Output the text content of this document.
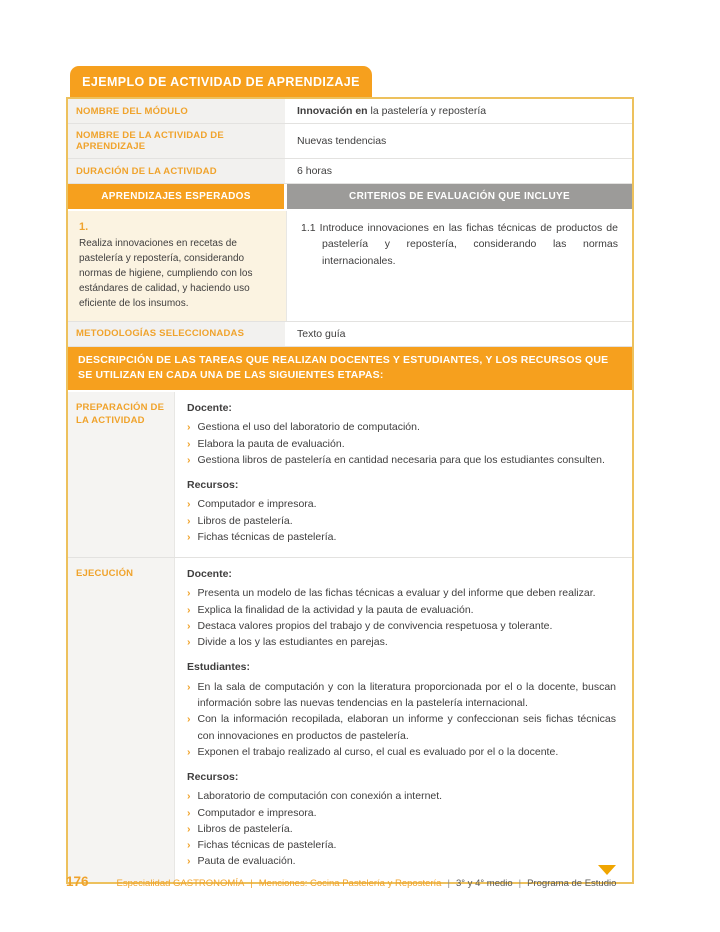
EJEMPLO DE ACTIVIDAD DE APRENDIZAJE
NOMBRE DEL MÓDULO	Innovación en la pastelería y repostería
NOMBRE DE LA ACTIVIDAD DE APRENDIZAJE	Nuevas tendencias
DURACIÓN DE LA ACTIVIDAD	6 horas
APRENDIZAJES ESPERADOS	CRITERIOS DE EVALUACIÓN QUE INCLUYE
1.
Realiza innovaciones en recetas de pastelería y repostería, considerando normas de higiene, cumpliendo con los estándares de calidad, y haciendo uso eficiente de los insumos.
1.1 Introduce innovaciones en las fichas técnicas de productos de pastelería y repostería, considerando las normas internacionales.
METODOLOGÍAS SELECCIONADAS	Texto guía
DESCRIPCIÓN DE LAS TAREAS QUE REALIZAN DOCENTES Y ESTUDIANTES, Y LOS RECURSOS QUE SE UTILIZAN EN CADA UNA DE LAS SIGUIENTES ETAPAS:
PREPARACIÓN DE LA ACTIVIDAD
Docente:
› Gestiona el uso del laboratorio de computación.
› Elabora la pauta de evaluación.
› Gestiona libros de pastelería en cantidad necesaria para que los estudiantes consulten.
Recursos:
› Computador e impresora.
› Libros de pastelería.
› Fichas técnicas de pastelería.
EJECUCIÓN	Docente:
› Presenta un modelo de las fichas técnicas a evaluar y del informe que deben realizar.
› Explica la finalidad de la actividad y la pauta de evaluación.
› Destaca valores propios del trabajo y de convivencia respetuosa y tolerante.
› Divide a los y las estudiantes en parejas.
Estudiantes:
› En la sala de computación y con la literatura proporcionada por el o la docente, buscan información sobre las nuevas tendencias en la pastelería internacional.
› Con la información recopilada, elaboran un informe y confeccionan seis fichas técnicas con innovaciones en productos de pastelería.
› Exponen el trabajo realizado al curso, el cual es evaluado por el o la docente.
Recursos:
› Laboratorio de computación con conexión a internet.
› Computador e impresora.
› Libros de pastelería.
› Fichas técnicas de pastelería.
› Pauta de evaluación.
176	Especialidad GASTRONOMÍA | Menciones: Cocina Pastelería y Repostería | 3° y 4° medio | Programa de Estudio
